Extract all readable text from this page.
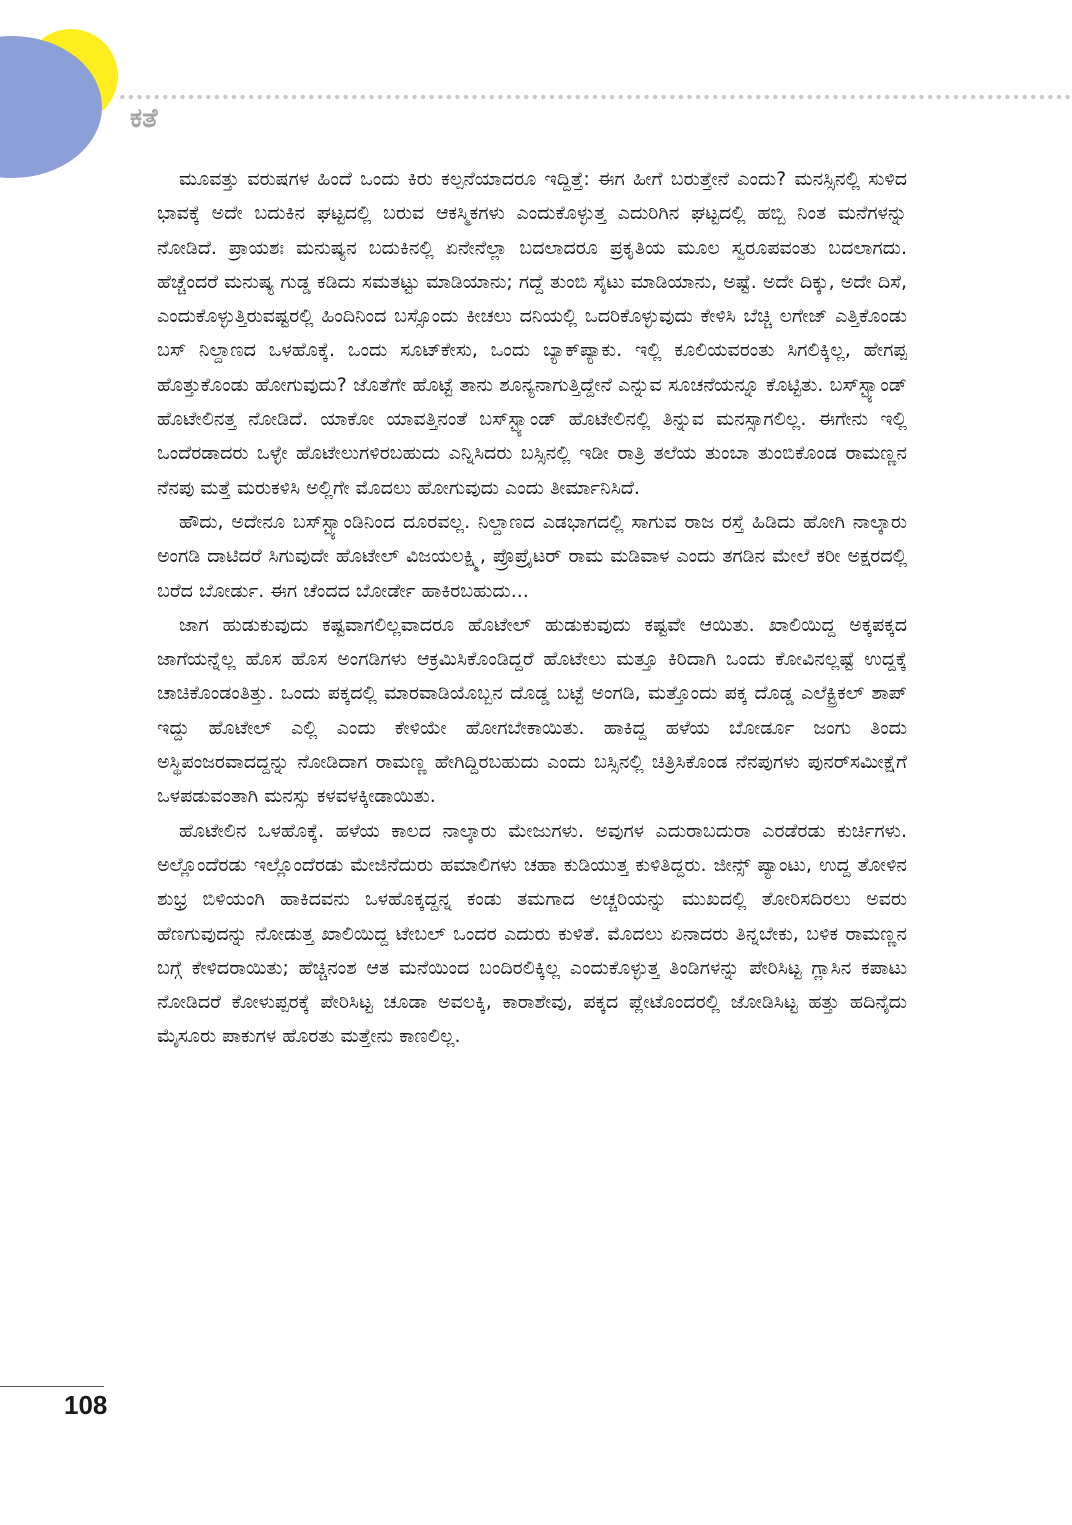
ಕತೆ

ಮೂವತ್ತು ವರುಷಗಳ ಹಿಂದೆ ಒಂದು ಕಿರು ಕಲ್ಪನೆಯಾದರೂ ಇದ್ದಿತ್ತೆ: ಈಗ ಹೀಗೆ ಬರುತ್ತೇನೆ ಎಂದು? ಮನಸ್ಸಿನಲ್ಲಿ ಸುಳಿದ ಭಾವಕ್ಕೆ ಅದೇ ಬದುಕಿನ ಘಟ್ಟದಲ್ಲಿ ಬರುವ ಆಕಸ್ಮಿಕಗಳು ಎಂದುಕೊಳ್ಳುತ್ತ ಎದುರಿಗಿನ ಘಟ್ಟದಲ್ಲಿ ಹಬ್ಬಿ ನಿಂತ ಮನೆಗಳನ್ನು ನೋಡಿದೆ. ಪ್ರಾಯಶಃ ಮನುಷ್ಯನ ಬದುಕಿನಲ್ಲಿ ಏನೇನೆಲ್ಲಾ ಬದಲಾದರೂ ಪ್ರಕೃತಿಯ ಮೂಲ ಸ್ವರೂಪವಂತು ಬದಲಾಗದು. ಹೆಚ್ಚೆಂದರೆ ಮನುಷ್ಯ ಗುಡ್ಡ ಕಡಿದು ಸಮತಟ್ಟು ಮಾಡಿಯಾನು; ಗದ್ದೆ ತುಂಬಿ ಸೈಟು ಮಾಡಿಯಾನು, ಅಷ್ಟೆ. ಅದೇ ದಿಕ್ಕು, ಅದೇ ದಿಸೆ, ಎಂದುಕೊಳ್ಳುತ್ತಿರುವಷ್ಟರಲ್ಲಿ ಹಿಂದಿನಿಂದ ಬಸ್ಸೊಂದು ಕೀಚಲು ದನಿಯಲ್ಲಿ ಒದರಿಕೊಳ್ಳುವುದು ಕೇಳಿಸಿ ಬೆಚ್ಚಿ ಲಗೇಜ್ ಎತ್ತಿಕೊಂಡು ಬಸ್ ನಿಲ್ದಾಣದ ಒಳಹೊಕ್ಕೆ. ಒಂದು ಸೂಟ್‌ಕೇಸು, ಒಂದು ಬ್ಯಾಕ್‌ಪ್ಯಾಕು. ಇಲ್ಲಿ ಕೂಲಿಯವರಂತು ಸಿಗಲಿಕ್ಕಿಲ್ಲ, ಹೇಗಪ್ಪ ಹೊತ್ತುಕೊಂಡು ಹೋಗುವುದು? ಜೊತೆಗೇ ಹೊಟ್ಟೆ ತಾನು ಶೂನ್ಯನಾಗುತ್ತಿದ್ದೇನೆ ಎನ್ನುವ ಸೂಚನೆಯನ್ನೂ ಕೊಟ್ಟಿತು. ಬಸ್‌ಸ್ಟ್ಯಾಂಡ್ ಹೊಟೇಲಿನತ್ತ ನೋಡಿದೆ. ಯಾಕೋ ಯಾವತ್ತಿನಂತೆ ಬಸ್‌ಸ್ಟ್ಯಾಂಡ್ ಹೊಟೇಲಿನಲ್ಲಿ ತಿನ್ನುವ ಮನಸ್ಸಾಗಲಿಲ್ಲ. ಈಗೇನು ಇಲ್ಲಿ ಒಂದೆರಡಾದರು ಒಳ್ಳೇ ಹೊಟೇಲುಗಳಿರಬಹುದು ಎನ್ನಿಸಿದರು ಬಸ್ಸಿನಲ್ಲಿ ಇಡೀ ರಾತ್ರಿ ತಲೆಯ ತುಂಬಾ ತುಂಬಿಕೊಂಡ ರಾಮಣ್ಣನ ನೆನಪು ಮತ್ತೆ ಮರುಕಳಿಸಿ ಅಲ್ಲಿಗೇ ಮೊದಲು ಹೋಗುವುದು ಎಂದು ತೀರ್ಮಾನಿಸಿದೆ.

ಹೌದು, ಅದೇನೂ ಬಸ್‌ಸ್ಟ್ಯಾಂಡಿನಿಂದ ದೂರವಲ್ಲ. ನಿಲ್ದಾಣದ ಎಡಭಾಗದಲ್ಲಿ ಸಾಗುವ ರಾಜ ರಸ್ತೆ ಹಿಡಿದು ಹೋಗಿ ನಾಲ್ಕಾರು ಅಂಗಡಿ ದಾಟಿದರೆ ಸಿಗುವುದೇ ಹೊಟೇಲ್ ವಿಜಯಲಕ್ಷ್ಮಿ, ಪ್ರೊಪ್ರೈಟರ್ ರಾಮ ಮಡಿವಾಳ ಎಂದು ತಗಡಿನ ಮೇಲೆ ಕರೀ ಅಕ್ಷರದಲ್ಲಿ ಬರೆದ ಬೋರ್ಡು. ಈಗ ಚೆಂದದ ಬೋರ್ಡೇ ಹಾಕಿರಬಹುದು...

ಜಾಗ ಹುಡುಕುವುದು ಕಷ್ಟವಾಗಲಿಲ್ಲವಾದರೂ ಹೊಟೇಲ್ ಹುಡುಕುವುದು ಕಷ್ಟವೇ ಆಯಿತು. ಖಾಲಿಯಿದ್ದ ಅಕ್ಕಪಕ್ಕದ ಜಾಗೆಯನ್ನೆಲ್ಲ ಹೊಸ ಹೊಸ ಅಂಗಡಿಗಳು ಆಕ್ರಮಿಸಿಕೊಂಡಿದ್ದರೆ ಹೊಟೇಲು ಮತ್ತೂ ಕಿರಿದಾಗಿ ಒಂದು ಕೋವಿನಲ್ಲಷ್ಟೆ ಉದ್ದಕ್ಕೆ ಚಾಚಿಕೊಂಡಂತಿತ್ತು. ಒಂದು ಪಕ್ಕದಲ್ಲಿ ಮಾರವಾಡಿಯೊಬ್ಬನ ದೊಡ್ಡ ಬಟ್ಟೆ ಅಂಗಡಿ, ಮತ್ತೊಂದು ಪಕ್ಕ ದೊಡ್ಡ ಎಲೆಕ್ಟ್ರಿಕಲ್ ಶಾಪ್ ಇದ್ದು ಹೊಟೇಲ್ ಎಲ್ಲಿ ಎಂದು ಕೇಳಿಯೇ ಹೋಗಬೇಕಾಯಿತು. ಹಾಕಿದ್ದ ಹಳೆಯ ಬೋರ್ಡೂ ಜಂಗು ತಿಂದು ಅಸ್ಥಿಪಂಜರವಾದದ್ದನ್ನು ನೋಡಿದಾಗ ರಾಮಣ್ಣ ಹೇಗಿದ್ದಿರಬಹುದು ಎಂದು ಬಸ್ಸಿನಲ್ಲಿ ಚಿತ್ರಿಸಿಕೊಂಡ ನೆನಪುಗಳು ಪುನರ್‌ಸಮೀಕ್ಷೆಗೆ ಒಳಪಡುವಂತಾಗಿ ಮನಸ್ಸು ಕಳವಳಕ್ಕೀಡಾಯಿತು.

ಹೊಟೇಲಿನ ಒಳಹೊಕ್ಕೆ. ಹಳೆಯ ಕಾಲದ ನಾಲ್ಕಾರು ಮೇಜುಗಳು. ಅವುಗಳ ಎದುರಾಬದುರಾ ಎರಡೆರಡು ಕುರ್ಚಿಗಳು. ಅಲ್ಲೊಂದೆರಡು ಇಲ್ಲೊಂದೆರಡು ಮೇಜಿನೆದುರು ಹಮಾಲಿಗಳು ಚಹಾ ಕುಡಿಯುತ್ತ ಕುಳಿತಿದ್ದರು. ಜೀನ್ಸ್ ಪ್ಯಾಂಟು, ಉದ್ದ ತೋಳಿನ ಶುಭ್ರ ಬಿಳಿಯಂಗಿ ಹಾಕಿದವನು ಒಳಹೊಕ್ಕದ್ದನ್ನ ಕಂಡು ತಮಗಾದ ಅಚ್ಚರಿಯನ್ನು ಮುಖದಲ್ಲಿ ತೋರಿಸದಿರಲು ಅವರು ಹೆಣಗುವುದನ್ನು ನೋಡುತ್ತ ಖಾಲಿಯಿದ್ದ ಟೇಬಲ್ ಒಂದರ ಎದುರು ಕುಳಿತೆ. ಮೊದಲು ಏನಾದರು ತಿನ್ನಬೇಕು, ಬಳಿಕ ರಾಮಣ್ಣನ ಬಗ್ಗೆ ಕೇಳಿದರಾಯಿತು; ಹೆಚ್ಚಿನಂಶ ಆತ ಮನೆಯಿಂದ ಬಂದಿರಲಿಕ್ಕಿಲ್ಲ ಎಂದುಕೊಳ್ಳುತ್ತ ತಿಂಡಿಗಳನ್ನು ಪೇರಿಸಿಟ್ಟ ಗ್ಲಾಸಿನ ಕಪಾಟು ನೋಡಿದರೆ ಕೋಳುಪ್ಪರಕ್ಕೆ ಪೇರಿಸಿಟ್ಟ ಚೂಡಾ ಅವಲಕ್ಕಿ, ಕಾರಾಶೇವು, ಪಕ್ಕದ ಪ್ಲೇಟೊಂದರಲ್ಲಿ ಜೋಡಿಸಿಟ್ಟ ಹತ್ತು ಹದಿನೈದು ಮೈಸೂರು ಪಾಕುಗಳ ಹೊರತು ಮತ್ತೇನು ಕಾಣಲಿಲ್ಲ.

108
